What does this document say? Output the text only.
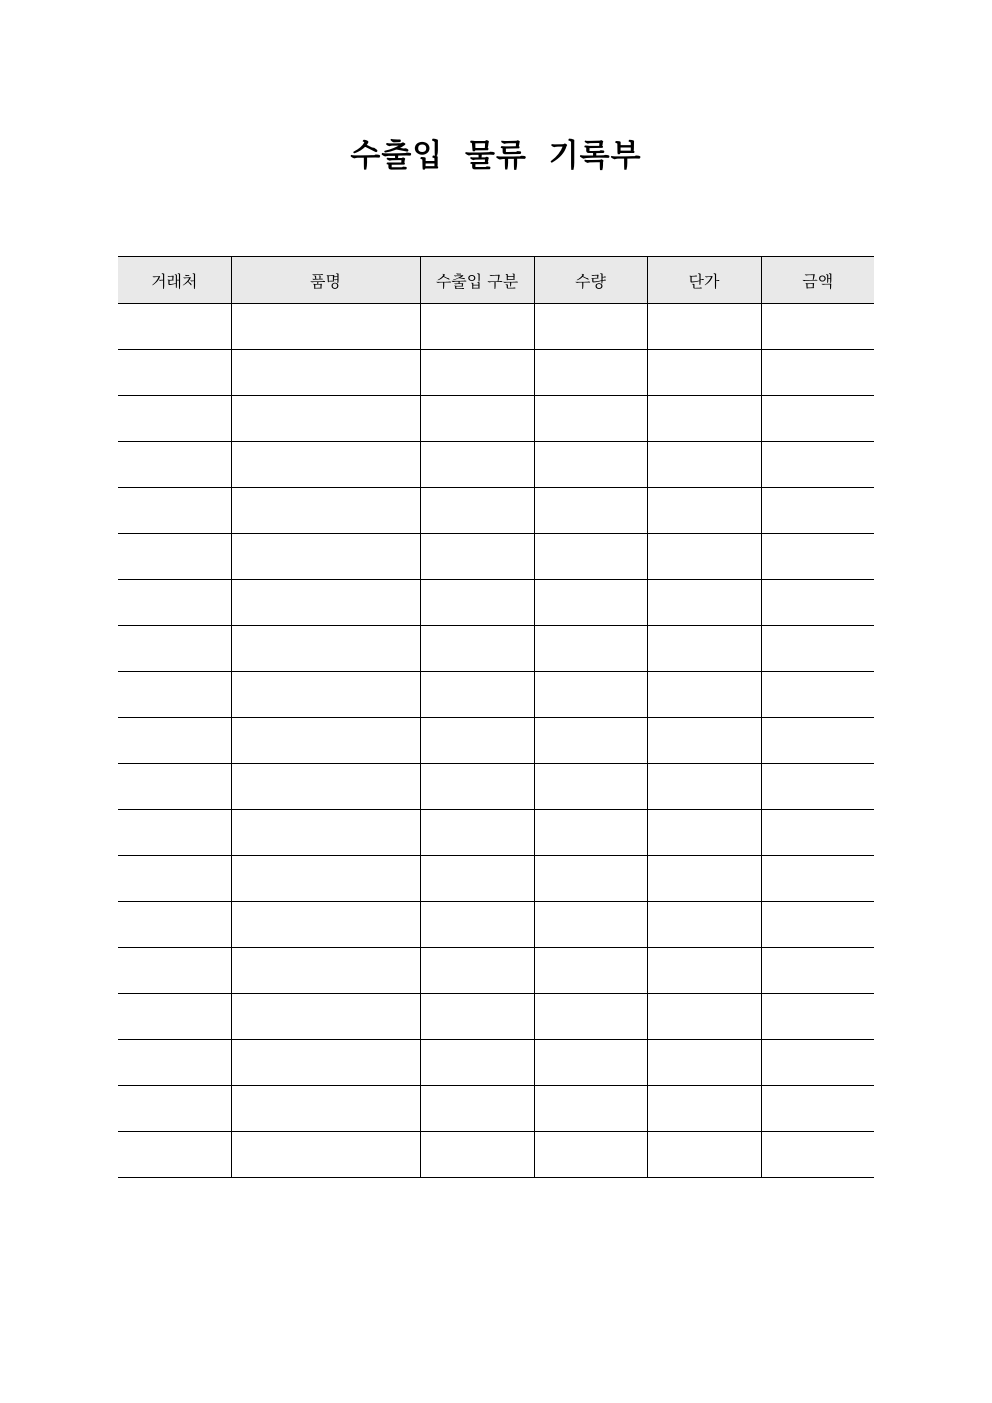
수출입 물류 기록부
거래처	품명	수출입 구분	수량	단가	금액
